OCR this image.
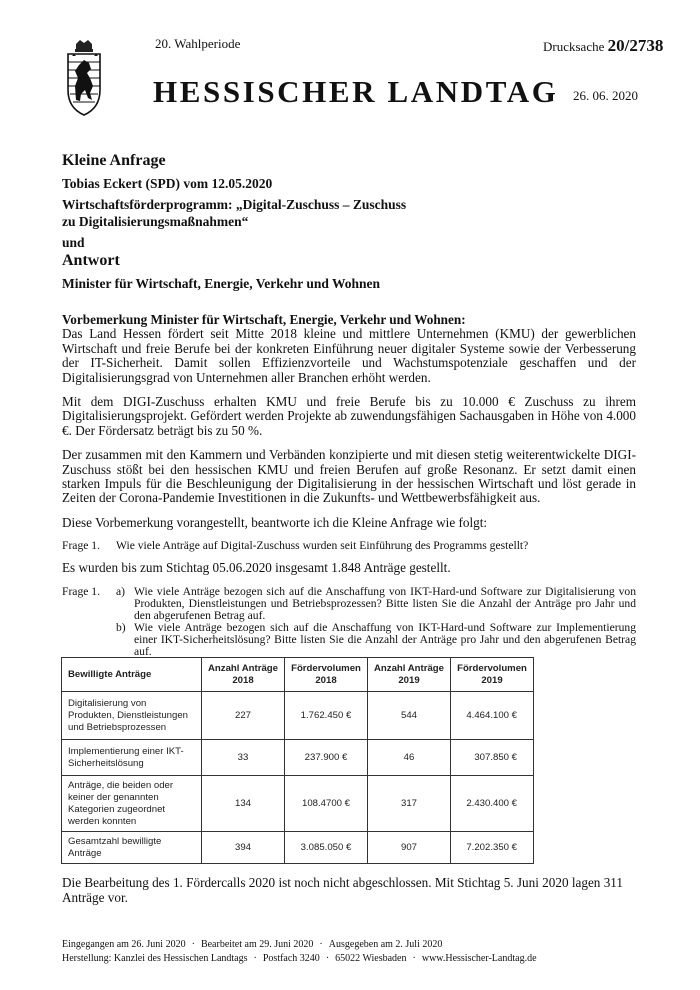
20. Wahlperiode	Drucksache 20/2738
HESSISCHER LANDTAG 26. 06. 2020

Kleine Anfrage

Tobias Eckert (SPD) vom 12.05.2020

Wirtschaftsförderprogramm: „Digital-Zuschuss – Zuschuss zu Digitalisierungsmaßnahmen“

und

Antwort

Minister für Wirtschaft, Energie, Verkehr und Wohnen

Vorbemerkung Minister für Wirtschaft, Energie, Verkehr und Wohnen:

Das Land Hessen fördert seit Mitte 2018 kleine und mittlere Unternehmen (KMU) der gewerblichen Wirtschaft und freie Berufe bei der konkreten Einführung neuer digitaler Systeme sowie der Verbesserung der IT-Sicherheit. Damit sollen Effizienzvorteile und Wachstumspotenziale geschaffen und der Digitalisierungsgrad von Unternehmen aller Branchen erhöht werden.

Mit dem DIGI-Zuschuss erhalten KMU und freie Berufe bis zu 10.000 € Zuschuss zu ihrem Digitalisierungsprojekt. Gefördert werden Projekte ab zuwendungsfähigen Sachausgaben in Höhe von 4.000 €. Der Fördersatz beträgt bis zu 50 %.

Der zusammen mit den Kammern und Verbänden konzipierte und mit diesen stetig weiterentwickelte DIGI-Zuschuss stößt bei den hessischen KMU und freien Berufen auf große Resonanz. Er setzt damit einen starken Impuls für die Beschleunigung der Digitalisierung in der hessischen Wirtschaft und löst gerade in Zeiten der Corona-Pandemie Investitionen in die Zukunfts- und Wettbewerbsfähigkeit aus.

Diese Vorbemerkung vorangestellt, beantworte ich die Kleine Anfrage wie folgt:

Frage 1.	Wie viele Anträge auf Digital-Zuschuss wurden seit Einführung des Programms gestellt?

Es wurden bis zum Stichtag 05.06.2020 insgesamt 1.848 Anträge gestellt.

Frage 1.	a) Wie viele Anträge bezogen sich auf die Anschaffung von IKT-Hard-und Software zur Digitalisierung von Produkten, Dienstleistungen und Betriebsprozessen? Bitte listen Sie die Anzahl der Anträge pro Jahr und den abgerufenen Betrag auf.
b) Wie viele Anträge bezogen sich auf die Anschaffung von IKT-Hard-und Software zur Implementierung einer IKT-Sicherheitslösung? Bitte listen Sie die Anzahl der Anträge pro Jahr und den abgerufenen Betrag auf.
Bewilligte Anträge	Anzahl Anträge 2018	Fördervolumen 2018	Anzahl Anträge 2019	Fördervolumen 2019
Digitalisierung von Produkten, Dienstleistungen und Betriebsprozessen	227	1.762.450 €	544	4.464.100 €
Implementierung einer IKT-Sicherheitslösung	33	237.900 €	46	307.850 €
Anträge, die beiden oder keiner der genannten Kategorien zugeordnet werden konnten	134	108.4700 €	317	2.430.400 €
Gesamtzahl bewilligte Anträge	394	3.085.050 €	907	7.202.350 €

Die Bearbeitung des 1. Fördercalls 2020 ist noch nicht abgeschlossen. Mit Stichtag 5. Juni 2020 lagen 311 Anträge vor.

Eingegangen am 26. Juni 2020 · Bearbeitet am 29. Juni 2020 · Ausgegeben am 2. Juli 2020
Herstellung: Kanzlei des Hessischen Landtags · Postfach 3240 · 65022 Wiesbaden · www.Hessischer-Landtag.de
